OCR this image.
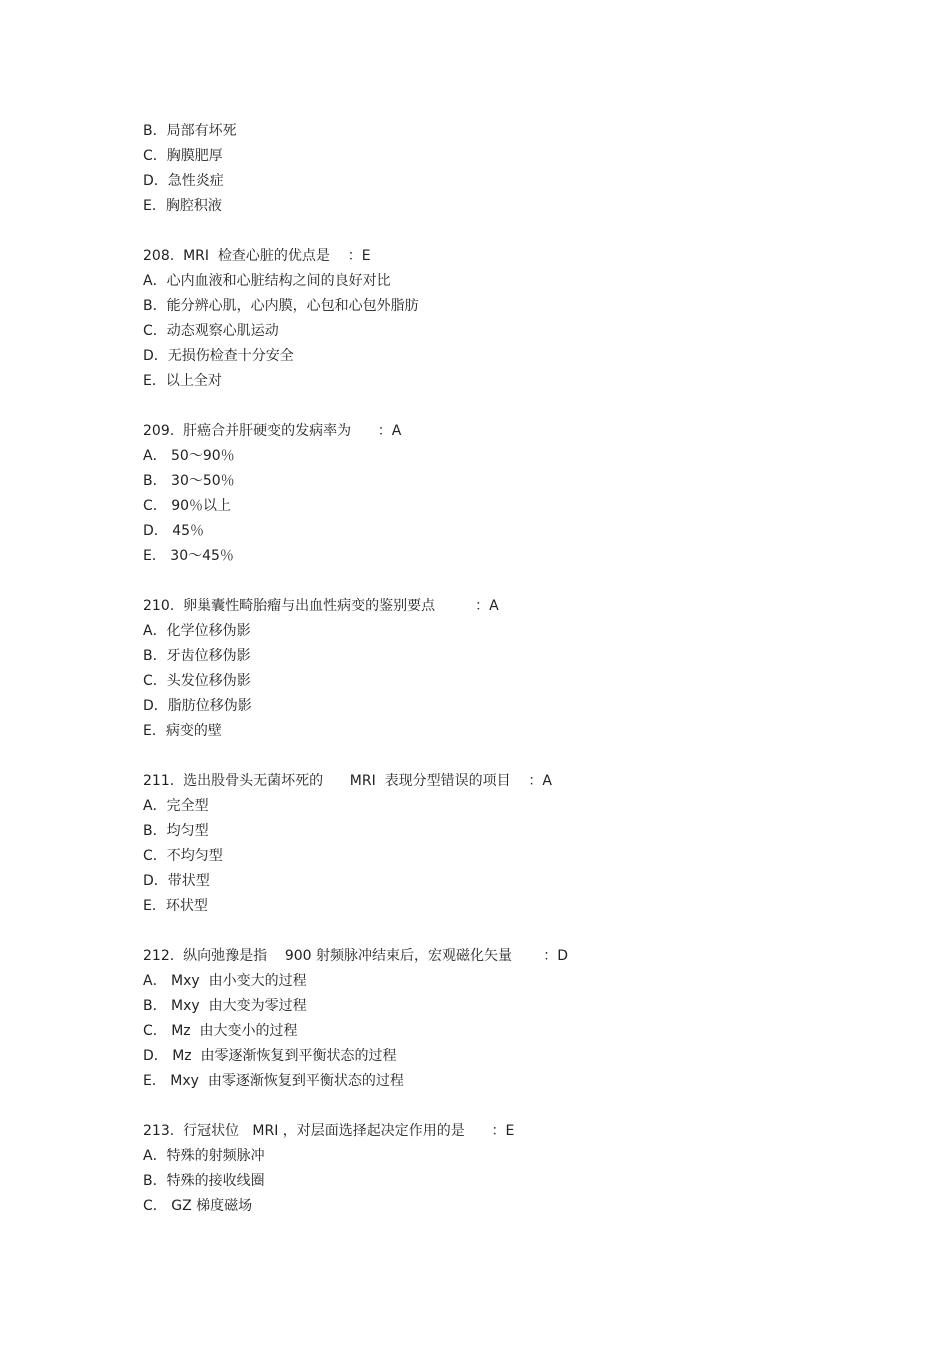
B．局部有坏死
C．胸膜肥厚
D．急性炎症
E．胸腔积液
208.  MRI  检查心脏的优点是    ：E
A．心内血液和心脏结构之间的良好对比
B．能分辨心肌，心内膜，心包和心包外脂肪
C．动态观察心肌运动
D．无损伤检查十分安全
E．以上全对
209.  肝癌合并肝硬变的发病率为      ：A
A． 50～90％
B． 30～50％
C． 90％以上
D． 45％
E． 30～45％
210.  卵巢囊性畸胎瘤与出血性病变的鉴别要点         ：A
A．化学位移伪影
B．牙齿位移伪影
C．头发位移伪影
D．脂肪位移伪影
E．病变的壁
211.  选出股骨头无菌坏死的      MRI  表现分型错误的项目    ：A
A．完全型
B．均匀型
C．不均匀型
D．带状型
E．环状型
212.  纵向弛豫是指    900 射频脉冲结束后，宏观磁化矢量       ：D
A． Mxy  由小变大的过程
B． Mxy  由大变为零过程
C． Mz  由大变小的过程
D． Mz  由零逐渐恢复到平衡状态的过程
E． Mxy  由零逐渐恢复到平衡状态的过程
213.  行冠状位   MRI ，对层面选择起决定作用的是      ：E
A．特殊的射频脉冲
B．特殊的接收线圈
C． GZ 梯度磁场
